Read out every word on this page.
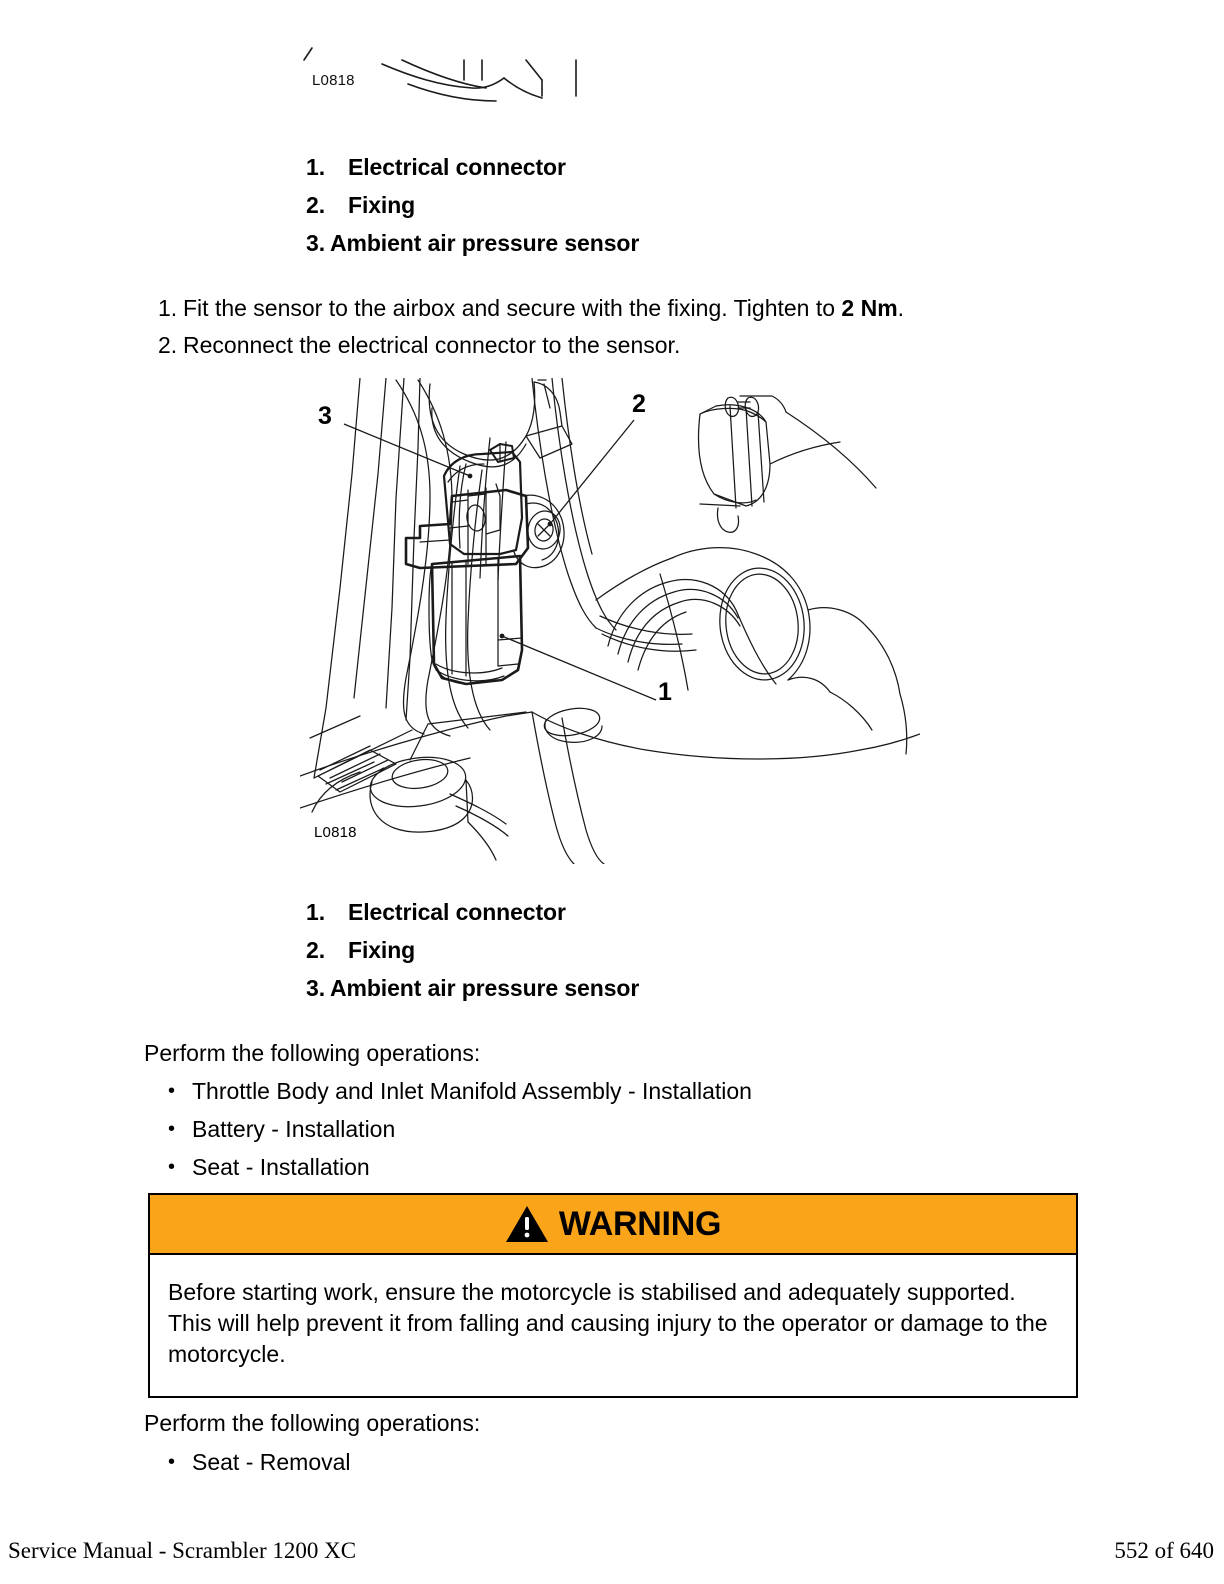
L0818
1. Electrical connector
2. Fixing
3. Ambient air pressure sensor
1. Fit the sensor to the airbox and secure with the fixing. Tighten to 2 Nm.
2. Reconnect the electrical connector to the sensor.
3	2
1
L0818
1. Electrical connector
2. Fixing
3. Ambient air pressure sensor
Perform the following operations:
• Throttle Body and Inlet Manifold Assembly - Installation
• Battery - Installation
• Seat - Installation
WARNING
Before starting work, ensure the motorcycle is stabilised and adequately supported. This will help prevent it from falling and causing injury to the operator or damage to the motorcycle.
Perform the following operations:
• Seat - Removal
Service Manual - Scrambler 1200 XC	552 of 640
